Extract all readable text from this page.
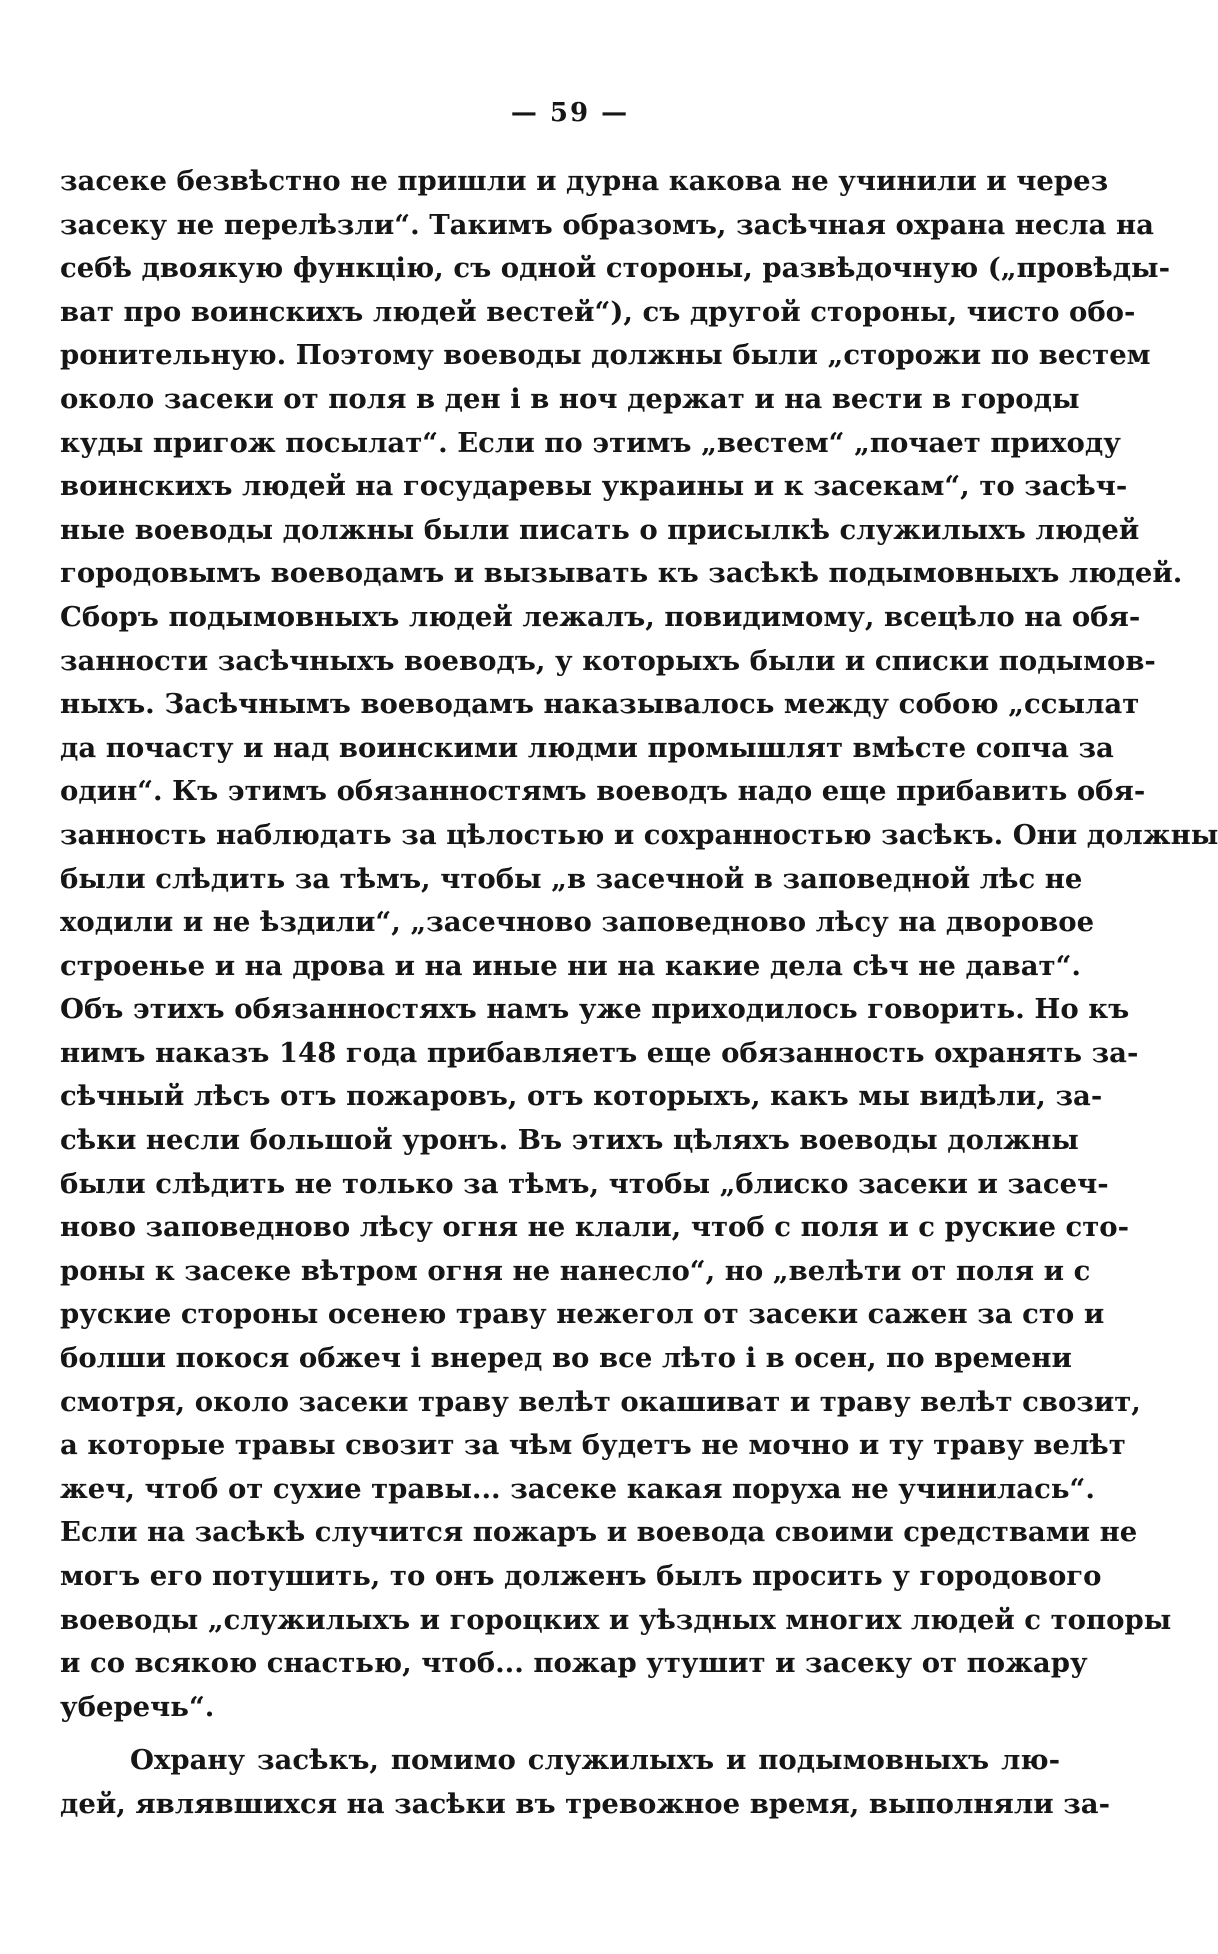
— 59 —
засеке безвѣстно не пришли и дурна какова не учинили и через
засеку не перелѣзли“. Такимъ образомъ, засѣчная охрана несла на
себѣ двоякую функцію, съ одной стороны, развѣдочную („провѣды-
ват про воинскихъ людей вестей“), съ другой стороны, чисто обо-
ронительную. Поэтому воеводы должны были „сторожи по вестем
около засеки от поля в ден і в ноч держат и на вести в городы
куды пригож посылат“. Если по этимъ „вестем“ „почает приходу
воинскихъ людей на государевы украины и к засекам“, то засѣч-
ные воеводы должны были писать о присылкѣ служилыхъ людей
городовымъ воеводамъ и вызывать къ засѣкѣ подымовныхъ людей.
Сборъ подымовныхъ людей лежалъ, повидимому, всецѣло на обя-
занности засѣчныхъ воеводъ, у которыхъ были и списки подымов-
ныхъ. Засѣчнымъ воеводамъ наказывалось между собою „ссылат
да почасту и над воинскими людми промышлят вмѣсте сопча за
один“. Къ этимъ обязанностямъ воеводъ надо еще прибавить обя-
занность наблюдать за цѣлостью и сохранностью засѣкъ. Они должны
были слѣдить за тѣмъ, чтобы „в засечной в заповедной лѣс не
ходили и не ѣздили“, „засечново заповедново лѣсу на дворовое
строенье и на дрова и на иные ни на какие дела сѣч не дават“.
Объ этихъ обязанностяхъ намъ уже приходилось говорить. Но къ
нимъ наказъ 148 года прибавляетъ еще обязанность охранять за-
сѣчный лѣсъ отъ пожаровъ, отъ которыхъ, какъ мы видѣли, за-
сѣки несли большой уронъ. Въ этихъ цѣляхъ воеводы должны
были слѣдить не только за тѣмъ, чтобы „блиско засеки и засеч-
ново заповедново лѣсу огня не клали, чтоб с поля и с руские сто-
роны к засеке вѣтром огня не нанесло“, но „велѣти от поля и с
руские стороны осенею траву нежегол от засеки сажен за сто и
болши покося обжеч і внеред во все лѣто і в осен, по времени
смотря, около засеки траву велѣт окашиват и траву велѣт свозит,
а которые травы свозит за чѣм будетъ не мочно и ту траву велѣт
жеч, чтоб от сухие травы... засеке какая поруха не учинилась“.
Если на засѣкѣ случится пожаръ и воевода своими средствами не
могъ его потушить, то онъ долженъ былъ просить у городового
воеводы „служилыхъ и гороцких и уѣздных многих людей с топоры
и со всякою снастью, чтоб... пожар утушит и засеку от пожару
уберечь“.
Охрану засѣкъ, помимо служилыхъ и подымовныхъ лю-
дей, являвшихся на засѣки въ тревожное время, выполняли за-
